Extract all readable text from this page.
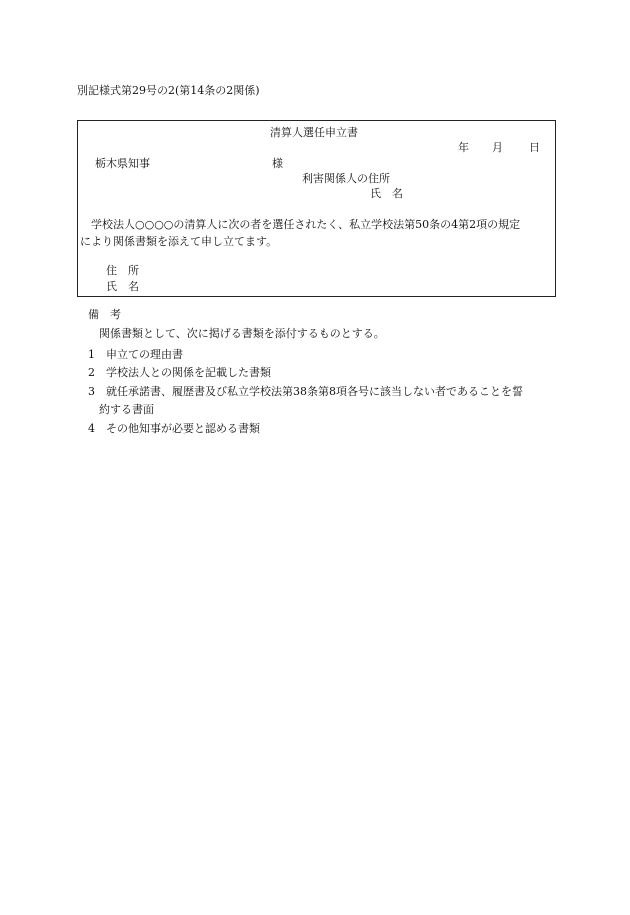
別記様式第29号の2(第14条の2関係)
清算人選任申立書
年 月 日
栃木県知事	様
利害関係人の住所
氏　名
学校法人○○○○の清算人に次の者を選任されたく、私立学校法第50条の4第2項の規定
により関係書類を添えて申し立てます。
住　所
氏　名
備　考
関係書類として、次に掲げる書類を添付するものとする。
1 申立ての理由書
2 学校法人との関係を記載した書類
3 就任承諾書、履歴書及び私立学校法第38条第8項各号に該当しない者であることを誓
約する書面
4 その他知事が必要と認める書類
